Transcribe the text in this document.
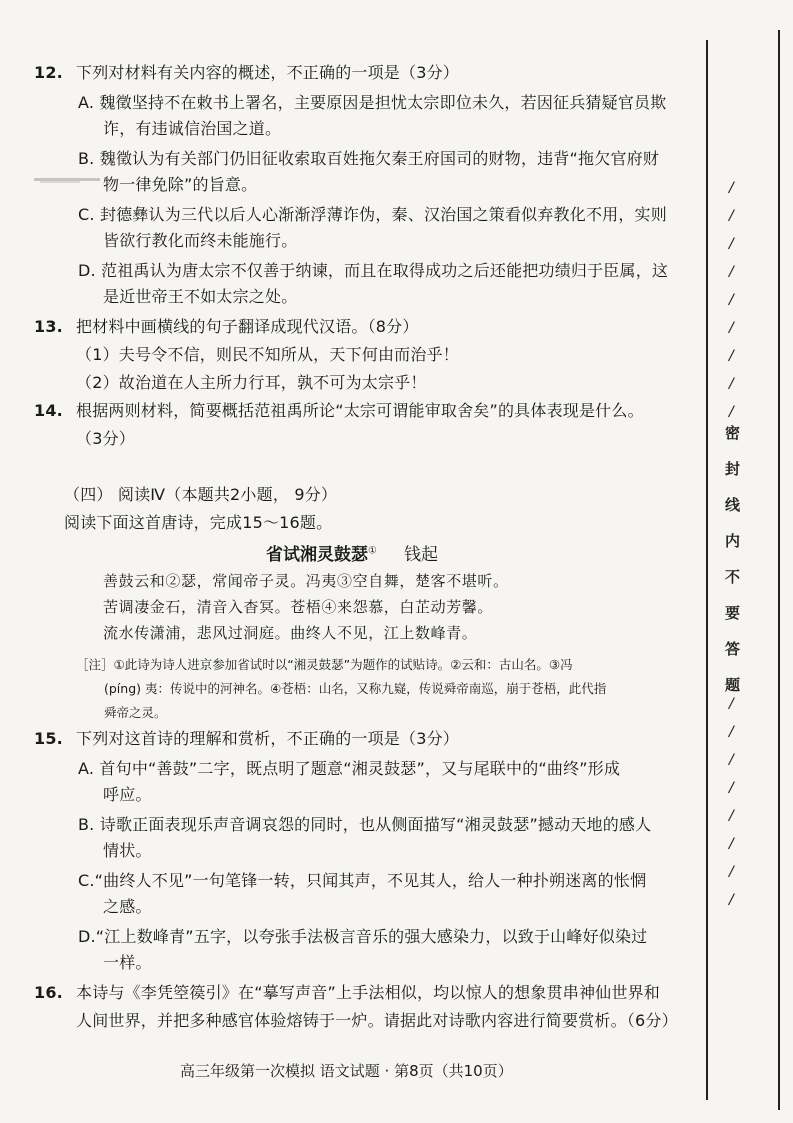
12. 下列对材料有关内容的概述，不正确的一项是（3分）
A. 魏徵坚持不在敕书上署名，主要原因是担忧太宗即位未久，若因征兵猜疑官员欺
诈，有违诚信治国之道。
B. 魏徵认为有关部门仍旧征收索取百姓拖欠秦王府国司的财物，违背“拖欠官府财
物一律免除”的旨意。
C. 封德彝认为三代以后人心渐渐浮薄诈伪，秦、汉治国之策看似弃教化不用，实则
皆欲行教化而终未能施行。
D. 范祖禹认为唐太宗不仅善于纳谏，而且在取得成功之后还能把功绩归于臣属，这
是近世帝王不如太宗之处。
13. 把材料中画横线的句子翻译成现代汉语。（8分）
（1）夫号令不信，则民不知所从，天下何由而治乎！
（2）故治道在人主所力行耳，孰不可为太宗乎！
14. 根据两则材料，简要概括范祖禹所论“太宗可谓能审取舍矣”的具体表现是什么。
（3分）
（四） 阅读Ⅳ（本题共2小题， 9分）
阅读下面这首唐诗，完成15～16题。
省试湘灵鼓瑟① 钱起
善鼓云和②瑟，常闻帝子灵。冯夷③空自舞，楚客不堪听。
苦调凄金石，清音入杳冥。苍梧④来怨慕，白芷动芳馨。
流水传潇浦，悲风过洞庭。曲终人不见，江上数峰青。
［注］①此诗为诗人进京参加省试时以“湘灵鼓瑟”为题作的试贴诗。②云和：古山名。③冯
(píng) 夷：传说中的河神名。④苍梧：山名，又称九嶷，传说舜帝南巡，崩于苍梧，此代指
舜帝之灵。
15. 下列对这首诗的理解和赏析，不正确的一项是（3分）
A. 首句中“善鼓”二字，既点明了题意“湘灵鼓瑟”，又与尾联中的“曲终”形成
呼应。
B. 诗歌正面表现乐声音调哀怨的同时，也从侧面描写“湘灵鼓瑟”撼动天地的感人
情状。
C.“曲终人不见”一句笔锋一转，只闻其声，不见其人，给人一种扑朔迷离的怅惘
之感。
D.“江上数峰青”五字，以夸张手法极言音乐的强大感染力，以致于山峰好似染过
一样。
16. 本诗与《李凭箜篌引》在“摹写声音”上手法相似，均以惊人的想象贯串神仙世界和
人间世界，并把多种感官体验熔铸于一炉。请据此对诗歌内容进行简要赏析。（6分）
高三年级第一次模拟 语文试题 · 第8页（共10页）
/
/
/
/
/
/
/
/
/
密
封
线
内
不
要
答
题
/
/
/
/
/
/
/
/
